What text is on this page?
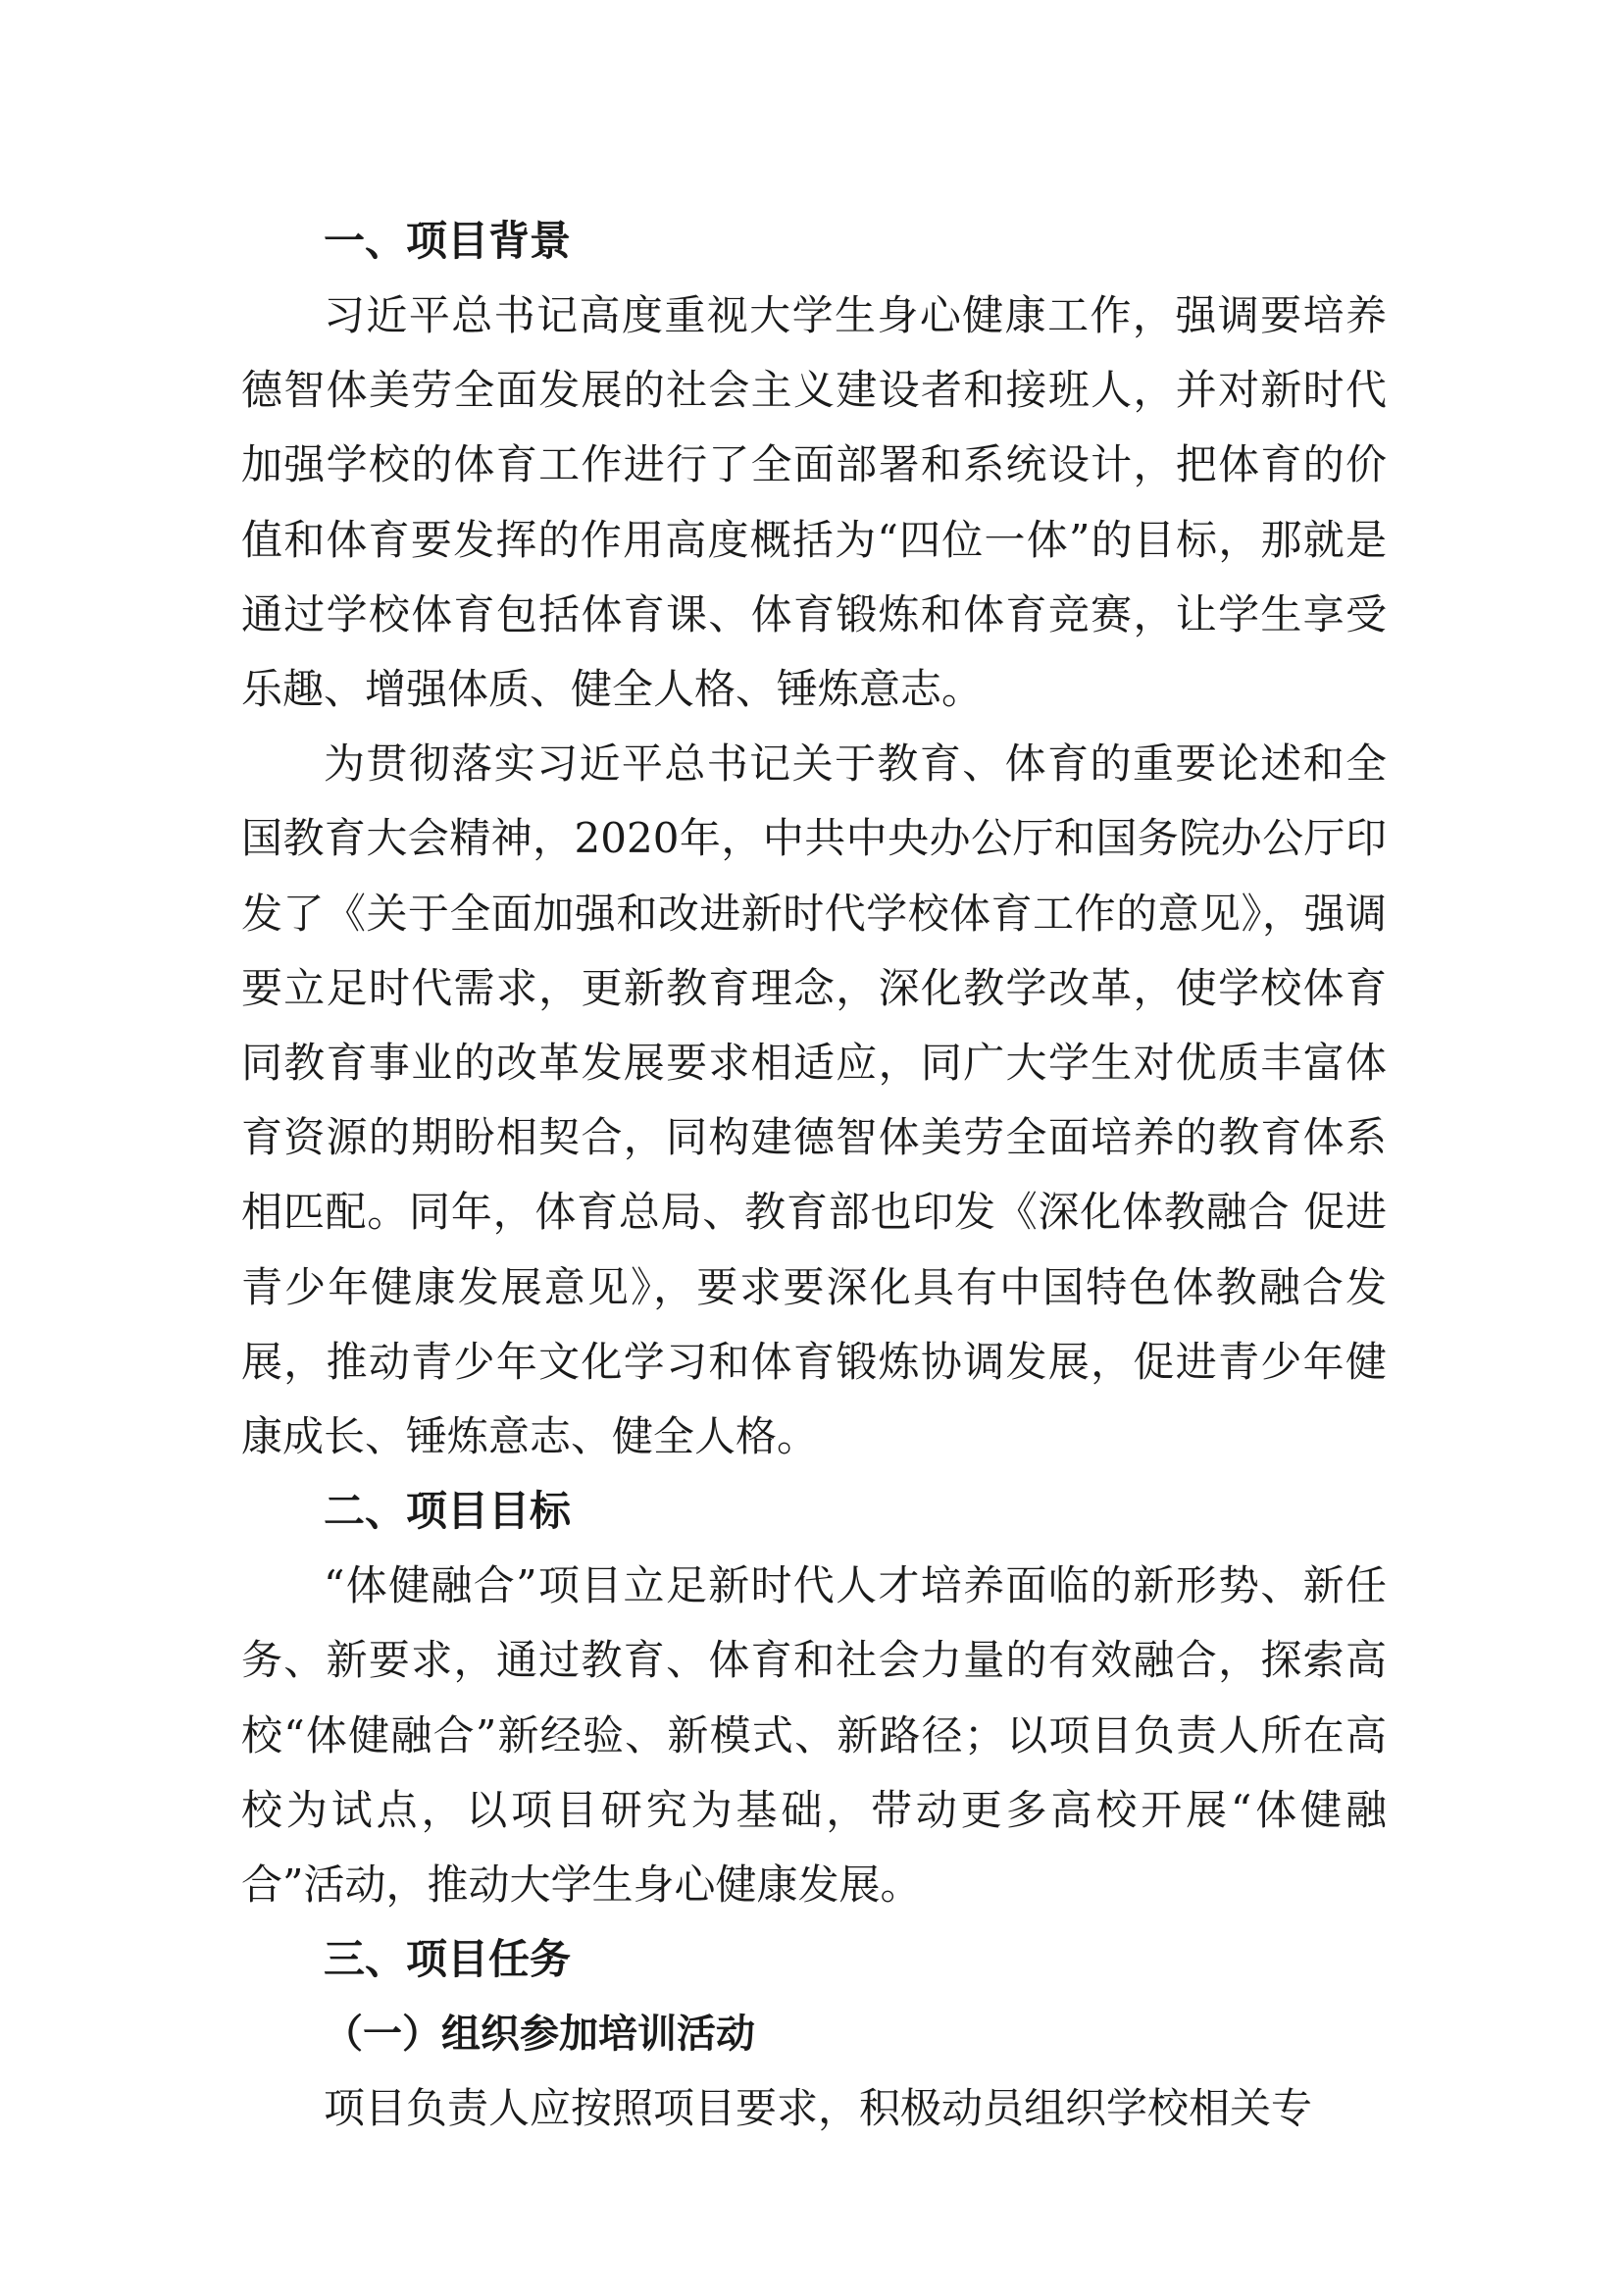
一、项目背景

习近平总书记高度重视大学生身心健康工作，强调要培养德智体美劳全面发展的社会主义建设者和接班人，并对新时代加强学校的体育工作进行了全面部署和系统设计，把体育的价值和体育要发挥的作用高度概括为“四位一体”的目标，那就是通过学校体育包括体育课、体育锻炼和体育竞赛，让学生享受乐趣、增强体质、健全人格、锤炼意志。

为贯彻落实习近平总书记关于教育、体育的重要论述和全国教育大会精神，2020年，中共中央办公厅和国务院办公厅印发了《关于全面加强和改进新时代学校体育工作的意见》，强调要立足时代需求，更新教育理念，深化教学改革，使学校体育同教育事业的改革发展要求相适应，同广大学生对优质丰富体育资源的期盼相契合，同构建德智体美劳全面培养的教育体系相匹配。同年，体育总局、教育部也印发《深化体教融合 促进青少年健康发展意见》，要求要深化具有中国特色体教融合发展，推动青少年文化学习和体育锻炼协调发展，促进青少年健康成长、锤炼意志、健全人格。

二、项目目标

“体健融合”项目立足新时代人才培养面临的新形势、新任务、新要求，通过教育、体育和社会力量的有效融合，探索高校“体健融合”新经验、新模式、新路径；以项目负责人所在高校为试点，以项目研究为基础，带动更多高校开展“体健融合”活动，推动大学生身心健康发展。

三、项目任务
（一）组织参加培训活动

项目负责人应按照项目要求，积极动员组织学校相关专
